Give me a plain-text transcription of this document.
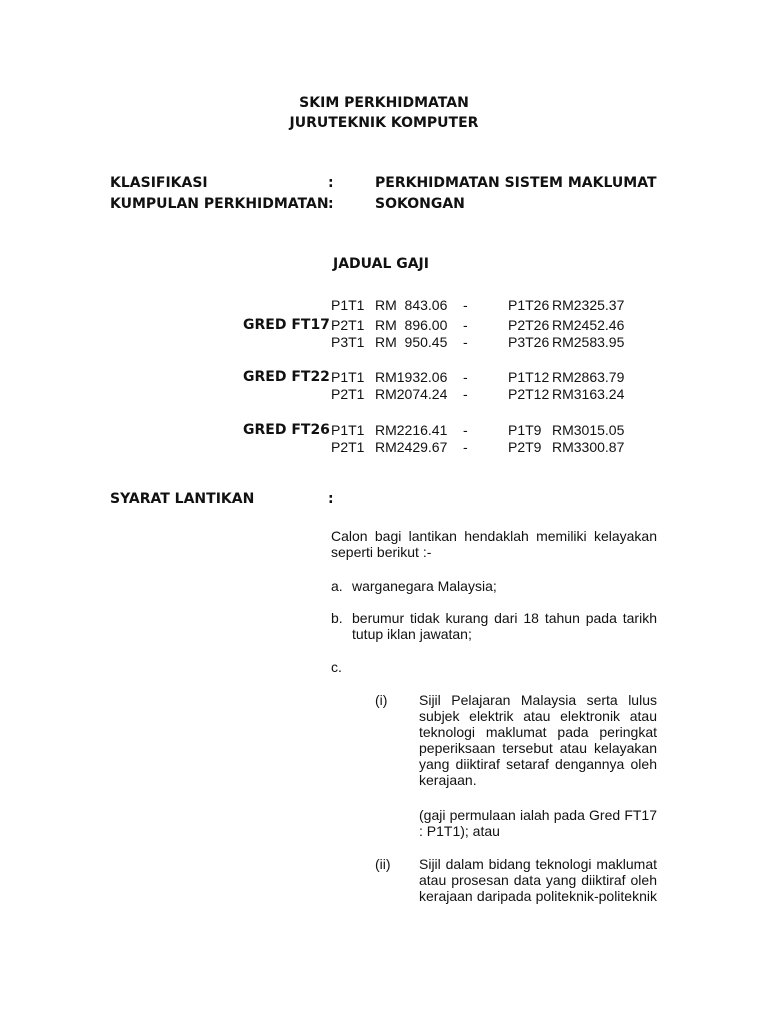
SKIM PERKHIDMATAN
JURUTEKNIK KOMPUTER
KLASIFIKASI	:	PERKHIDMATAN SISTEM MAKLUMAT
KUMPULAN PERKHIDMATAN :	SOKONGAN
JADUAL GAJI
GRED FT17
P1T1 RM  843.06 -	P1T26 RM2325.37
P2T1 RM  896.00 -	P2T26 RM2452.46
P3T1 RM  950.45 -	P3T26 RM2583.95
GRED FT22 P1T1 RM1932.06 -	P1T12 RM2863.79
P2T1 RM2074.24 -	P2T12 RM3163.24
GRED FT26 P1T1 RM2216.41 -	P1T9 RM3015.05
P2T1 RM2429.67 -	P2T9 RM3300.87
SYARAT LANTIKAN	:
Calon bagi lantikan hendaklah memiliki kelayakan seperti berikut :-
a. warganegara Malaysia;
b. berumur tidak kurang dari 18 tahun pada tarikh tutup iklan jawatan;
c.
(i) Sijil Pelajaran Malaysia serta lulus subjek elektrik atau elektronik atau teknologi maklumat pada peringkat peperiksaan tersebut atau kelayakan yang diiktiraf setaraf dengannya oleh kerajaan.
(gaji permulaan ialah pada Gred FT17 : P1T1); atau
(ii) Sijil dalam bidang teknologi maklumat atau prosesan data yang diiktiraf oleh kerajaan daripada politeknik-politeknik
